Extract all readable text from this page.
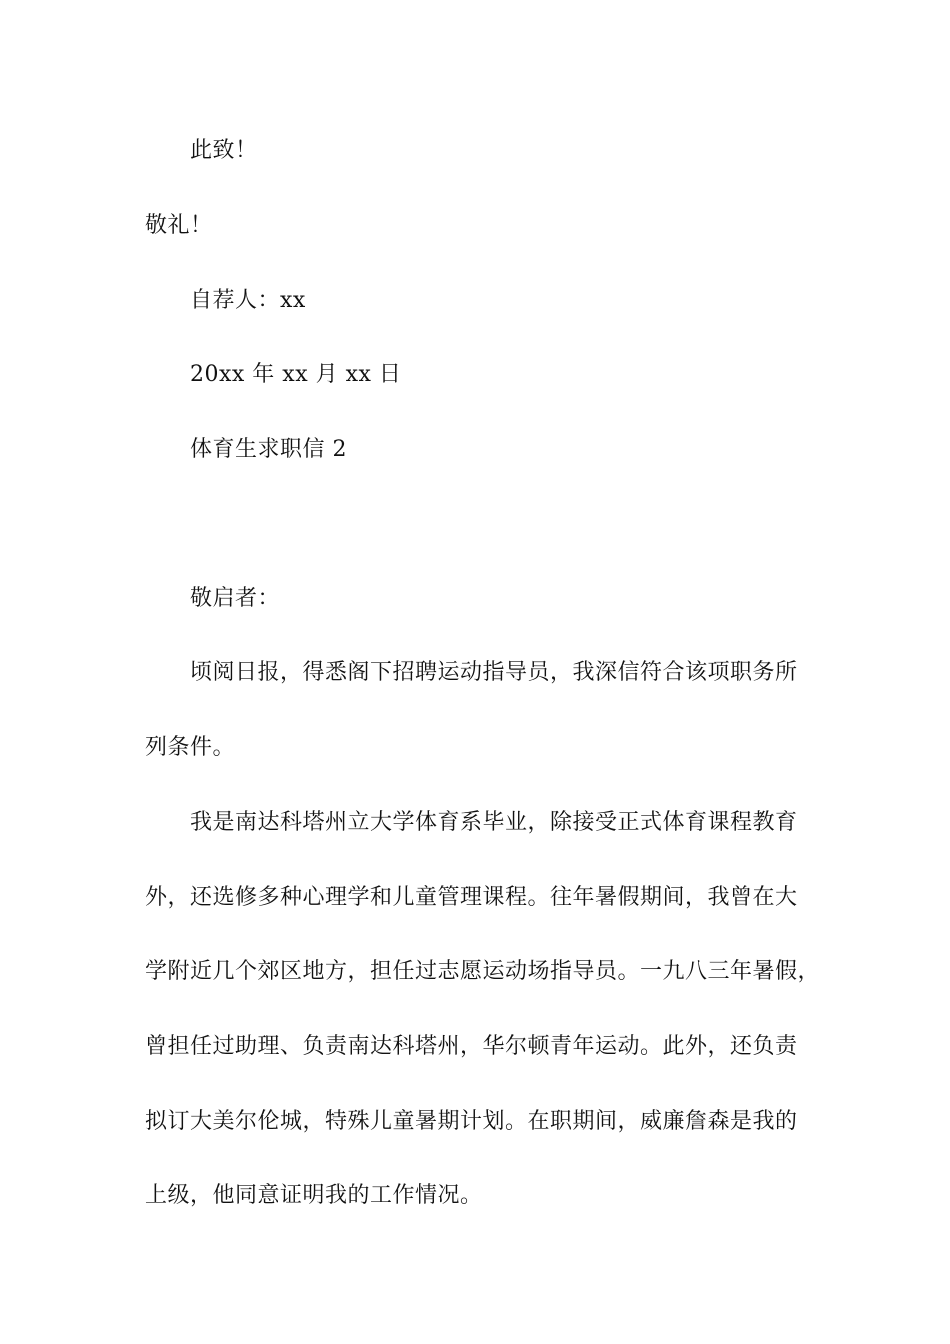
此致！

敬礼！

自荐人：xx

20xx 年 xx 月 xx 日

体育生求职信 2

敬启者：

顷阅日报，得悉阁下招聘运动指导员，我深信符合该项职务所

列条件。

我是南达科塔州立大学体育系毕业，除接受正式体育课程教育

外，还选修多种心理学和儿童管理课程。往年暑假期间，我曾在大

学附近几个郊区地方，担任过志愿运动场指导员。一九八三年暑假，

曾担任过助理、负责南达科塔州，华尔顿青年运动。此外，还负责

拟订大美尔伦城，特殊儿童暑期计划。在职期间，威廉詹森是我的

上级，他同意证明我的工作情况。
